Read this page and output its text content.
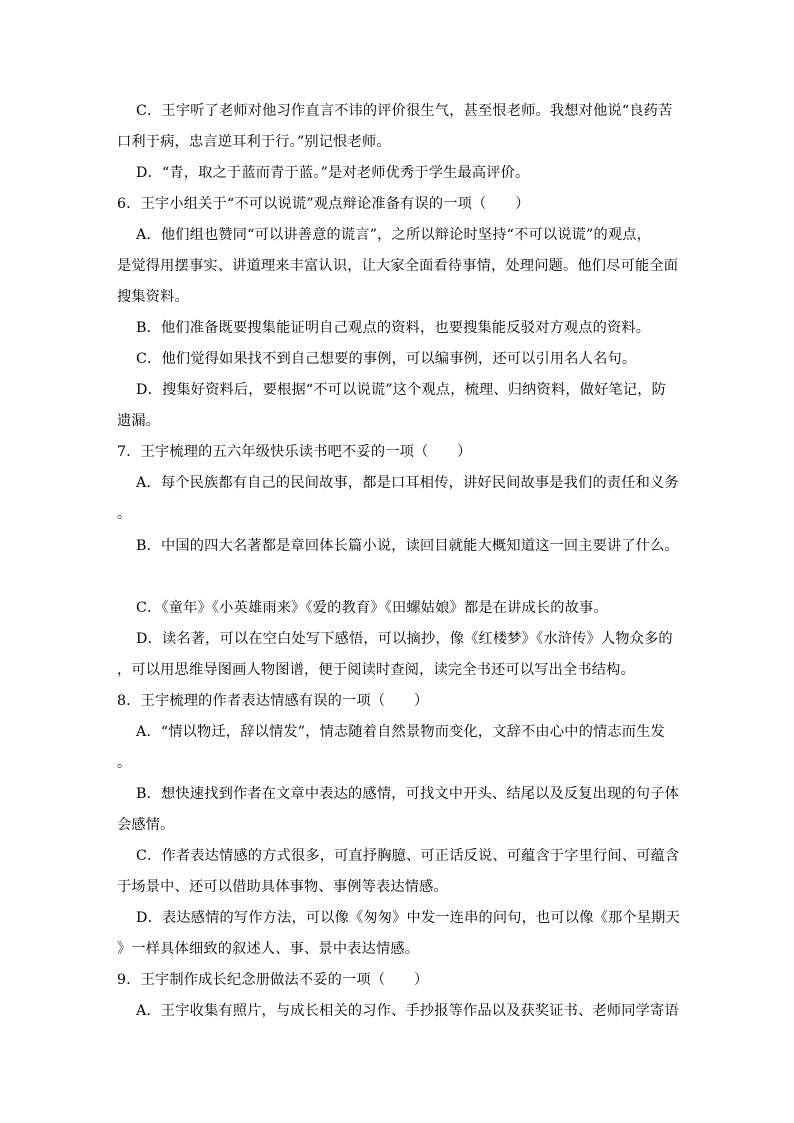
C．王宇听了老师对他习作直言不讳的评价很生气，甚至恨老师。我想对他说“良药苦
口利于病，忠言逆耳利于行。”别记恨老师。
D．“青，取之于蓝而青于蓝。”是对老师优秀于学生最高评价。
6．王宇小组关于“不可以说谎”观点辩论准备有误的一项（　　）
A．他们组也赞同“可以讲善意的谎言”，之所以辩论时坚持“不可以说谎”的观点，
是觉得用摆事实、讲道理来丰富认识，让大家全面看待事情，处理问题。他们尽可能全面
搜集资料。
B．他们准备既要搜集能证明自己观点的资料，也要搜集能反驳对方观点的资料。
C．他们觉得如果找不到自己想要的事例，可以编事例，还可以引用名人名句。
D．搜集好资料后，要根据“不可以说谎”这个观点，梳理、归纳资料，做好笔记，防
遗漏。
7．王宇梳理的五六年级快乐读书吧不妥的一项（　　）
A．每个民族都有自己的民间故事，都是口耳相传，讲好民间故事是我们的责任和义务
。
B．中国的四大名著都是章回体长篇小说，读回目就能大概知道这一回主要讲了什么。
C．《童年》《小英雄雨来》《爱的教育》《田螺姑娘》都是在讲成长的故事。
D．读名著，可以在空白处写下感悟，可以摘抄，像《红楼梦》《水浒传》人物众多的
，可以用思维导图画人物图谱，便于阅读时查阅，读完全书还可以写出全书结构。
8．王宇梳理的作者表达情感有误的一项（　　）
A．“情以物迁，辞以情发”，情志随着自然景物而变化，文辞不由心中的情志而生发
。
B．想快速找到作者在文章中表达的感情，可找文中开头、结尾以及反复出现的句子体
会感情。
C．作者表达情感的方式很多，可直抒胸臆、可正话反说、可蕴含于字里行间、可蕴含
于场景中、还可以借助具体事物、事例等表达情感。
D．表达感情的写作方法，可以像《匆匆》中发一连串的问句，也可以像《那个星期天
》一样具体细致的叙述人、事、景中表达情感。
9．王宇制作成长纪念册做法不妥的一项（　　）
A．王宇收集有照片，与成长相关的习作、手抄报等作品以及获奖证书、老师同学寄语
